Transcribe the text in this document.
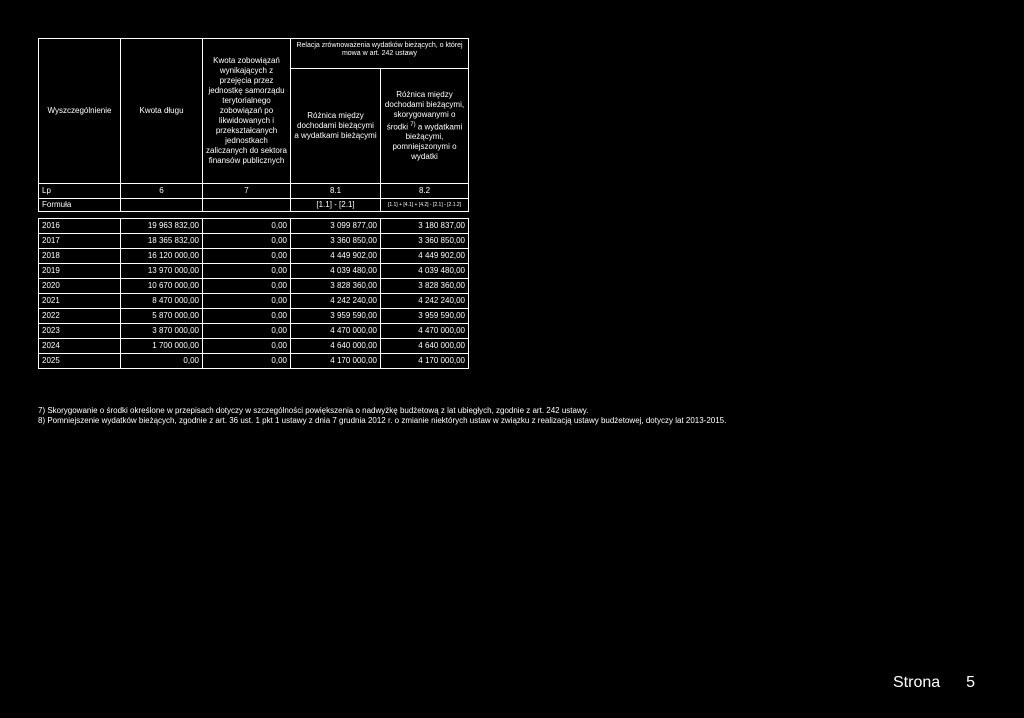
Wyszczególnienie	Kwota długu	Kwota zobowiązań wynikających z przejęcia przez jednostkę samorządu terytorialnego zobowiązań po likwidowanych i przekształcanych jednostkach zaliczanych do sektora finansów publicznych	Relacja zrównoważenia wydatków bieżących, o której mowa w art. 242 ustawy	
			Różnica między dochodami bieżącymi a wydatkami bieżącymi	Różnica między dochodami bieżącymi, skorygowanymi o środki $^{7)}$ a wydatkami bieżącymi, pomniejszonymi o wydatki
Lp	6	7	8.1	8.2
Formuła			[1.1] - [2.1]	[1.1] + [4.1] + [4.2] - [2.1] - [2.1.2]

2016	19 963 832,00	0,00	3 099 877,00	3 180 837,00
2017	18 365 832,00	0,00	3 360 850,00	3 360 850,00
2018	16 120 000,00	0,00	4 449 902,00	4 449 902,00
2019	13 970 000,00	0,00	4 039 480,00	4 039 480,00
2020	10 670 000,00	0,00	3 828 360,00	3 828 360,00
2021	8 470 000,00	0,00	4 242 240,00	4 242 240,00
2022	5 870 000,00	0,00	3 959 590,00	3 959 590,00
2023	3 870 000,00	0,00	4 470 000,00	4 470 000,00
2024	1 700 000,00	0,00	4 640 000,00	4 640 000,00
2025	0,00	0,00	4 170 000,00	4 170 000,00
7) Skorygowanie o środki określone w przepisach dotyczy w szczególności powiększenia o nadwyżkę budżetową z lat ubiegłych, zgodnie z art. 242 ustawy.
8) Pomniejszenie wydatków bieżących, zgodnie z art. 36 ust. 1 pkt 1 ustawy z dnia 7 grudnia 2012 r. o zmianie niektórych ustaw w związku z realizacją ustawy budżetowej, dotyczy lat 2013-2015.
Strona 5
